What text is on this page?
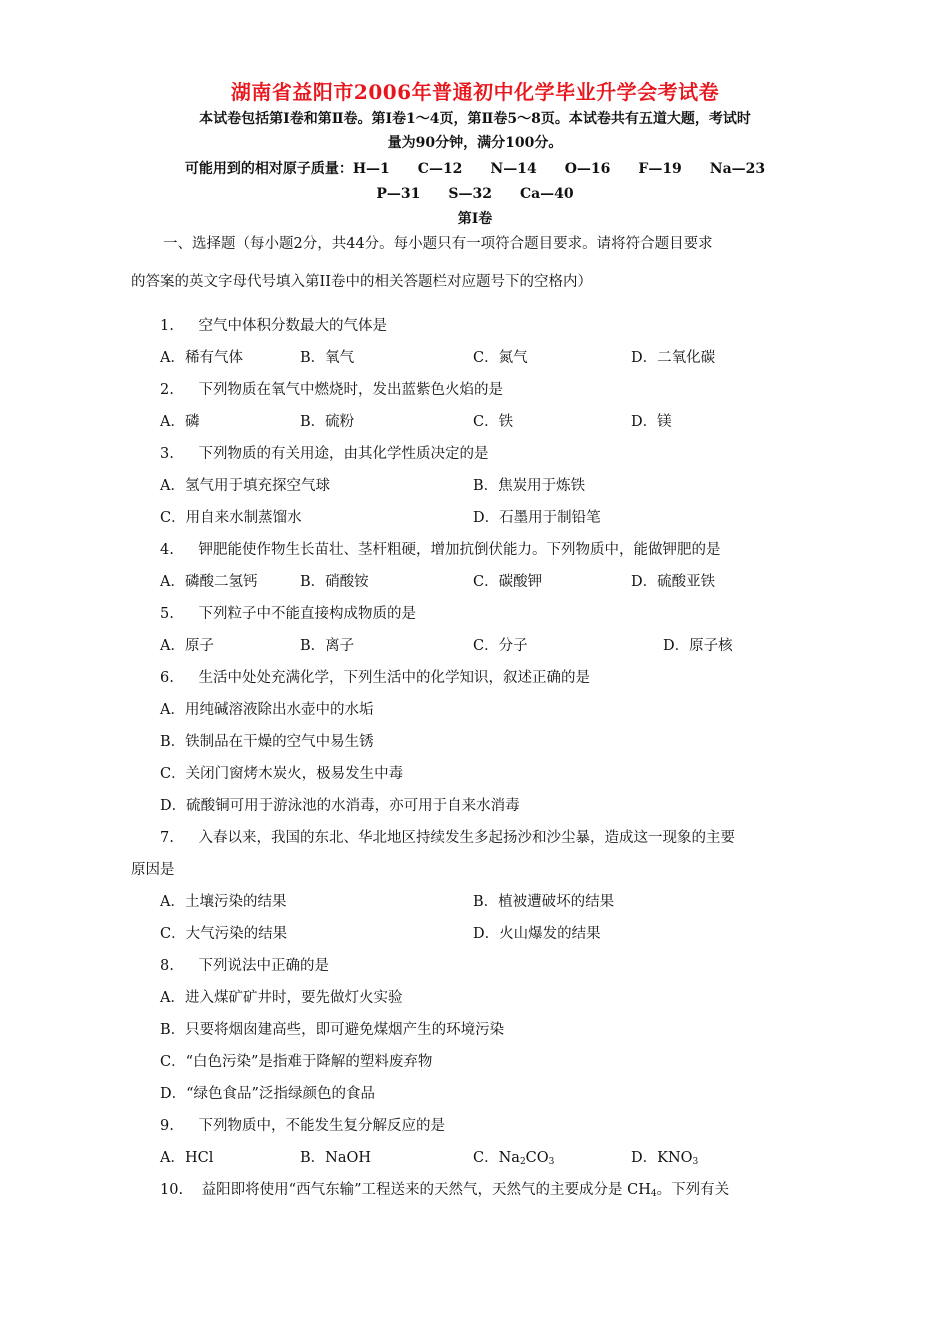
湖南省益阳市2006年普通初中化学毕业升学会考试卷
本试卷包括第Ⅰ卷和第Ⅱ卷。第Ⅰ卷1～4页，第Ⅱ卷5～8页。本试卷共有五道大题，考试时
量为90分钟，满分100分。
可能用到的相对原子质量：H—1　　C—12　　N—14　　O—16　　F—19　　Na—23
P—31　　S—32　　Ca—40
第Ⅰ卷
一、选择题（每小题2分，共44分。每小题只有一项符合题目要求。请将符合题目要求
的答案的英文字母代号填入第II卷中的相关答题栏对应题号下的空格内）
1. 空气中体积分数最大的气体是
A．稀有气体	B．氧气	C．氮气	D．二氧化碳
2. 下列物质在氧气中燃烧时，发出蓝紫色火焰的是
A．磷	B．硫粉	C．铁	D．镁
3. 下列物质的有关用途，由其化学性质决定的是
A．氢气用于填充探空气球	B．焦炭用于炼铁
C．用自来水制蒸馏水	D．石墨用于制铅笔
4. 钾肥能使作物生长苗壮、茎杆粗硬，增加抗倒伏能力。下列物质中，能做钾肥的是
A．磷酸二氢钙	B．硝酸铵	C．碳酸钾	D．硫酸亚铁
5. 下列粒子中不能直接构成物质的是
A．原子	B．离子	C．分子	D．原子核
6. 生活中处处充满化学，下列生活中的化学知识，叙述正确的是
A．用纯碱溶液除出水壶中的水垢
B．铁制品在干燥的空气中易生锈
C．关闭门窗烤木炭火，极易发生中毒
D．硫酸铜可用于游泳池的水消毒，亦可用于自来水消毒
7. 入春以来，我国的东北、华北地区持续发生多起扬沙和沙尘暴，造成这一现象的主要
原因是
A．土壤污染的结果	B．植被遭破坏的结果
C．大气污染的结果	D．火山爆发的结果
8. 下列说法中正确的是
A．进入煤矿矿井时，要先做灯火实验
B．只要将烟囱建高些，即可避免煤烟产生的环境污染
C．“白色污染”是指难于降解的塑料废弃物
D．“绿色食品”泛指绿颜色的食品
9. 下列物质中，不能发生复分解反应的是
A．HCl	B．NaOH	C．$Na_2CO_3$	D．$KNO_3$
10. 益阳即将使用“西气东输”工程送来的天然气，天然气的主要成分是 $CH_4$。下列有关
